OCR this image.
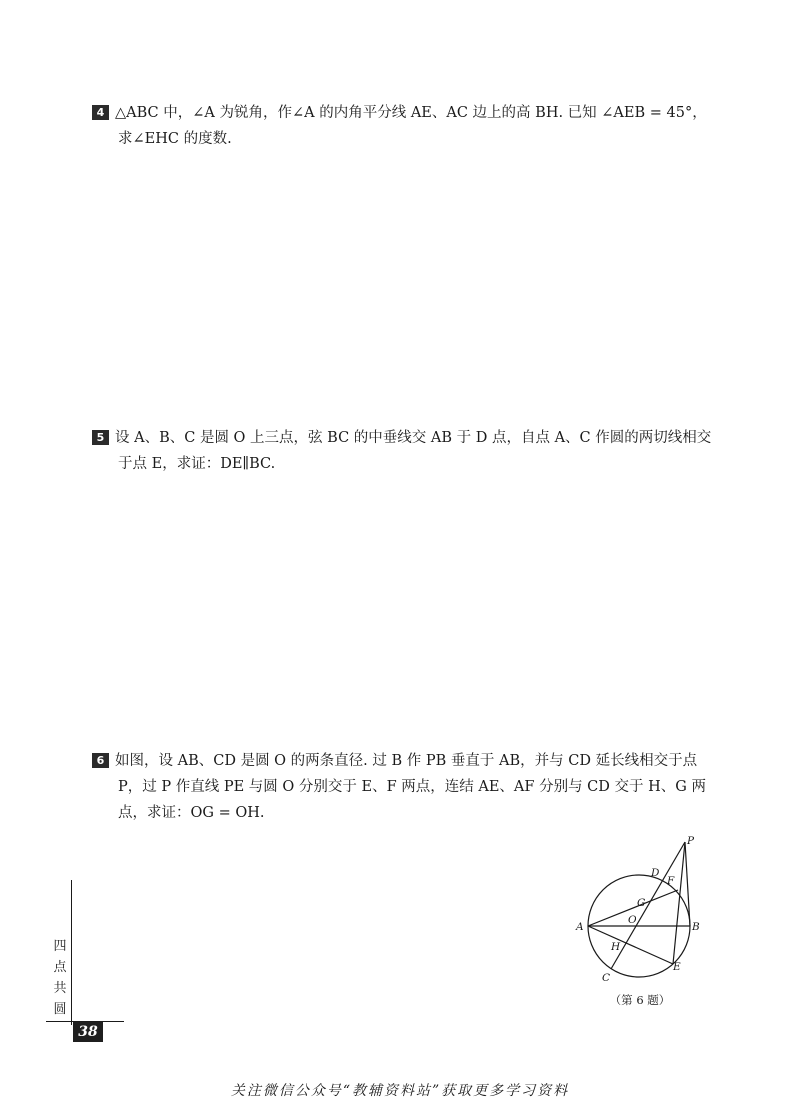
4 △ABC 中，∠A 为锐角，作∠A 的内角平分线 AE、AC 边上的高 BH. 已知 ∠AEB = 45°，
求∠EHC 的度数.
5 设 A、B、C 是圆 O 上三点，弦 BC 的中垂线交 AB 于 D 点，自点 A、C 作圆的两切线相交
于点 E，求证：DE∥BC.
6 如图，设 AB、CD 是圆 O 的两条直径. 过 B 作 PB 垂直于 AB，并与 CD 延长线相交于点
P，过 P 作直线 PE 与圆 O 分别交于 E、F 两点，连结 AE、AF 分别与 CD 交于 H、G 两
点，求证：OG = OH.
P
D
F
G
O
A	B
H
C
E
（第 6 题）
四点共圆
38
关注微信公众号“教辅资料站”获取更多学习资料
